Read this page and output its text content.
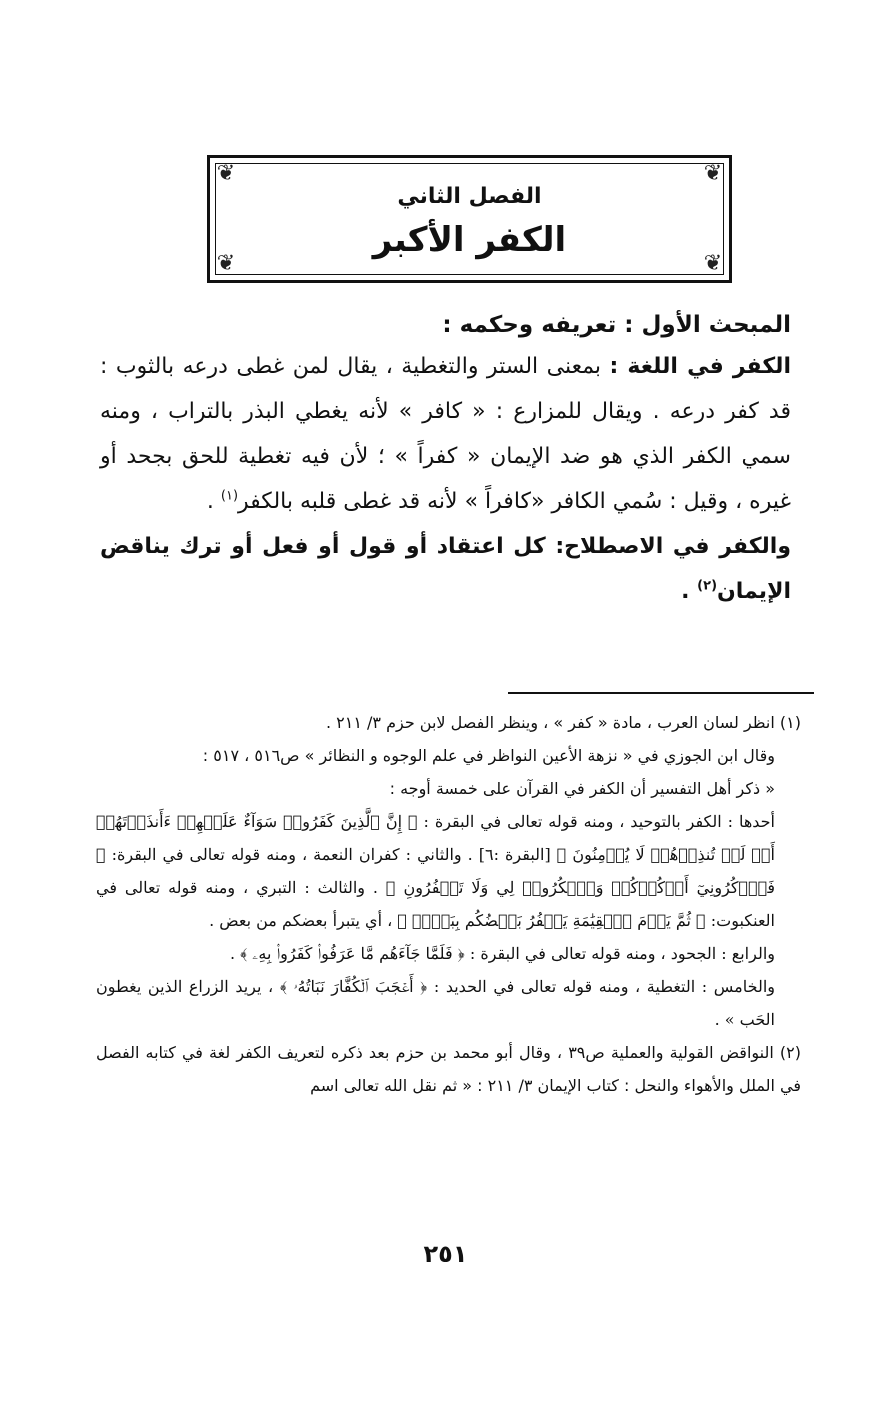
❦	❦
❦	❦
الفصل الثاني
الكفر الأكبر
المبحث الأول : تعريفه وحكمه :

الكفر في اللغة : بمعنى الستر والتغطية ، يقال لمن غطى درعه بالثوب : قد كفر درعه . ويقال للمزارع : « كافر » لأنه يغطي البذر بالتراب ، ومنه سمي الكفر الذي هو ضد الإيمان « كفراً » ؛ لأن فيه تغطية للحق بجحد أو غيره ، وقيل : سُمي الكافر «كافراً » لأنه قد غطى قلبه بالكفر$^{(١)}$ .

والكفر في الاصطلاح: كل اعتقاد أو قول أو فعل أو ترك يناقض الإيمان$^{(٢)}$ .

(١) انظر لسان العرب ، مادة « كفر » ، وينظر الفصل لابن حزم ٣/ ٢١١ .

وقال ابن الجوزي في « نزهة الأعين النواظر في علم الوجوه و النظائر » ص٥١٦ ، ٥١٧ :

« ذكر أهل التفسير أن الكفر في القرآن على خمسة أوجه :

أحدها : الكفر بالتوحيد ، ومنه قوله تعالى في البقرة : ﴿ إِنَّ ٱلَّذِينَ كَفَرُوا۟ سَوَآءٌ عَلَيۡهِمۡ ءَأَنذَرۡتَهُمۡ أَمۡ لَمۡ تُنذِرۡهُمۡ لَا يُؤۡمِنُونَ ﴾ [البقرة :٦] . والثاني : كفران النعمة ، ومنه قوله تعالى في البقرة: ﴿ فَٱذۡكُرُونِيٓ أَذۡكُرۡكُمۡ وَٱشۡكُرُوا۟ لِي وَلَا تَكۡفُرُونِ ﴾ . والثالث : التبري ، ومنه قوله تعالى في العنكبوت: ﴿ ثُمَّ يَوۡمَ ٱلۡقِيَٰمَةِ يَكۡفُرُ بَعۡضُكُم بِبَعۡضٖ ﴾ ، أي يتبرأ بعضكم من بعض .

والرابع : الجحود ، ومنه قوله تعالى في البقرة : ﴿ فَلَمَّا جَآءَهُم مَّا عَرَفُوا۟ كَفَرُوا۟ بِهِۦ ﴾ .

والخامس : التغطية ، ومنه قوله تعالى في الحديد : ﴿ أَعۡجَبَ ٱلۡكُفَّارَ نَبَاتُهُۥ ﴾ ، يريد الزراع الذين يغطون الحَب » .

(٢) النواقض القولية والعملية ص٣٩ ، وقال أبو محمد بن حزم بعد ذكره لتعريف الكفر لغة في كتابه الفصل في الملل والأهواء والنحل : كتاب الإيمان ٣/ ٢١١ : « ثم نقل الله تعالى اسم

٢٥١
